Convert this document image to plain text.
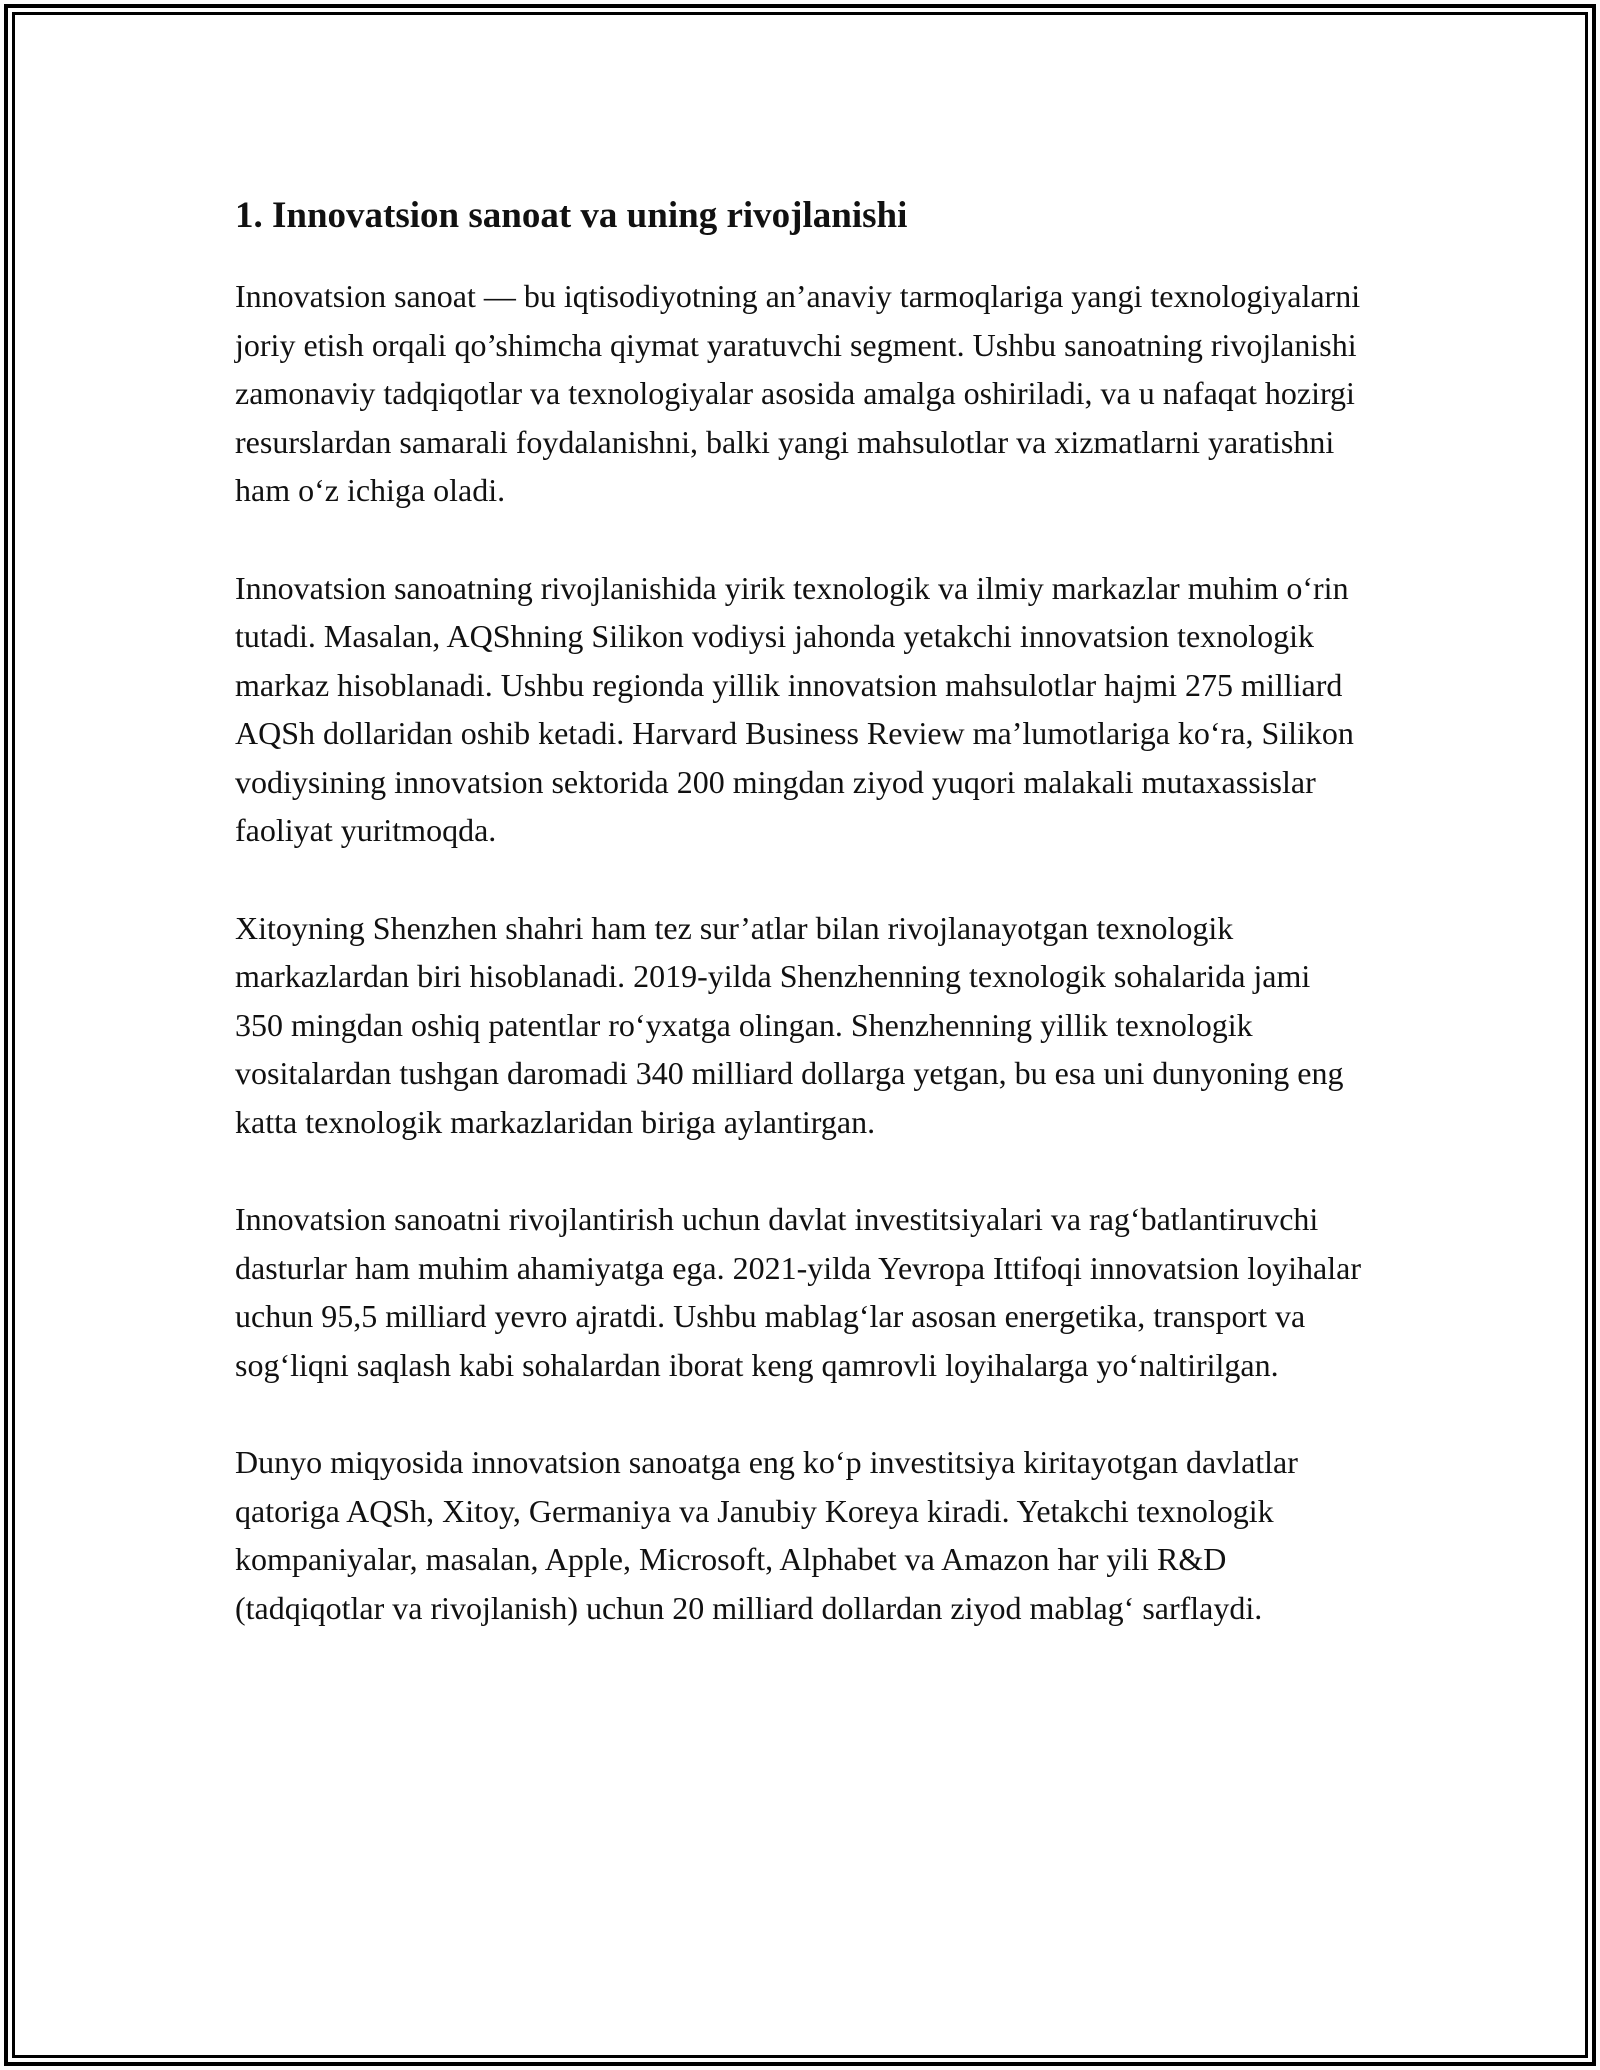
1. Innovatsion sanoat va uning rivojlanishi

Innovatsion sanoat — bu iqtisodiyotning an’anaviy tarmoqlariga yangi texnologiyalarni joriy etish orqali qo’shimcha qiymat yaratuvchi segment. Ushbu sanoatning rivojlanishi zamonaviy tadqiqotlar va texnologiyalar asosida amalga oshiriladi, va u nafaqat hozirgi resurslardan samarali foydalanishni, balki yangi mahsulotlar va xizmatlarni yaratishni ham o‘z ichiga oladi.

Innovatsion sanoatning rivojlanishida yirik texnologik va ilmiy markazlar muhim o‘rin tutadi. Masalan, AQShning Silikon vodiysi jahonda yetakchi innovatsion texnologik markaz hisoblanadi. Ushbu regionda yillik innovatsion mahsulotlar hajmi 275 milliard AQSh dollaridan oshib ketadi. Harvard Business Review ma’lumotlariga ko‘ra, Silikon vodiysining innovatsion sektorida 200 mingdan ziyod yuqori malakali mutaxassislar faoliyat yuritmoqda.

Xitoyning Shenzhen shahri ham tez sur’atlar bilan rivojlanayotgan texnologik markazlardan biri hisoblanadi. 2019-yilda Shenzhenning texnologik sohalarida jami 350 mingdan oshiq patentlar ro‘yxatga olingan. Shenzhenning yillik texnologik vositalardan tushgan daromadi 340 milliard dollarga yetgan, bu esa uni dunyoning eng katta texnologik markazlaridan biriga aylantirgan.

Innovatsion sanoatni rivojlantirish uchun davlat investitsiyalari va rag‘batlantiruvchi dasturlar ham muhim ahamiyatga ega. 2021-yilda Yevropa Ittifoqi innovatsion loyihalar uchun 95,5 milliard yevro ajratdi. Ushbu mablag‘lar asosan energetika, transport va sog‘liqni saqlash kabi sohalardan iborat keng qamrovli loyihalarga yo‘naltirilgan.

Dunyo miqyosida innovatsion sanoatga eng ko‘p investitsiya kiritayotgan davlatlar qatoriga AQSh, Xitoy, Germaniya va Janubiy Koreya kiradi. Yetakchi texnologik kompaniyalar, masalan, Apple, Microsoft, Alphabet va Amazon har yili R&D (tadqiqotlar va rivojlanish) uchun 20 milliard dollardan ziyod mablag‘ sarflaydi.
